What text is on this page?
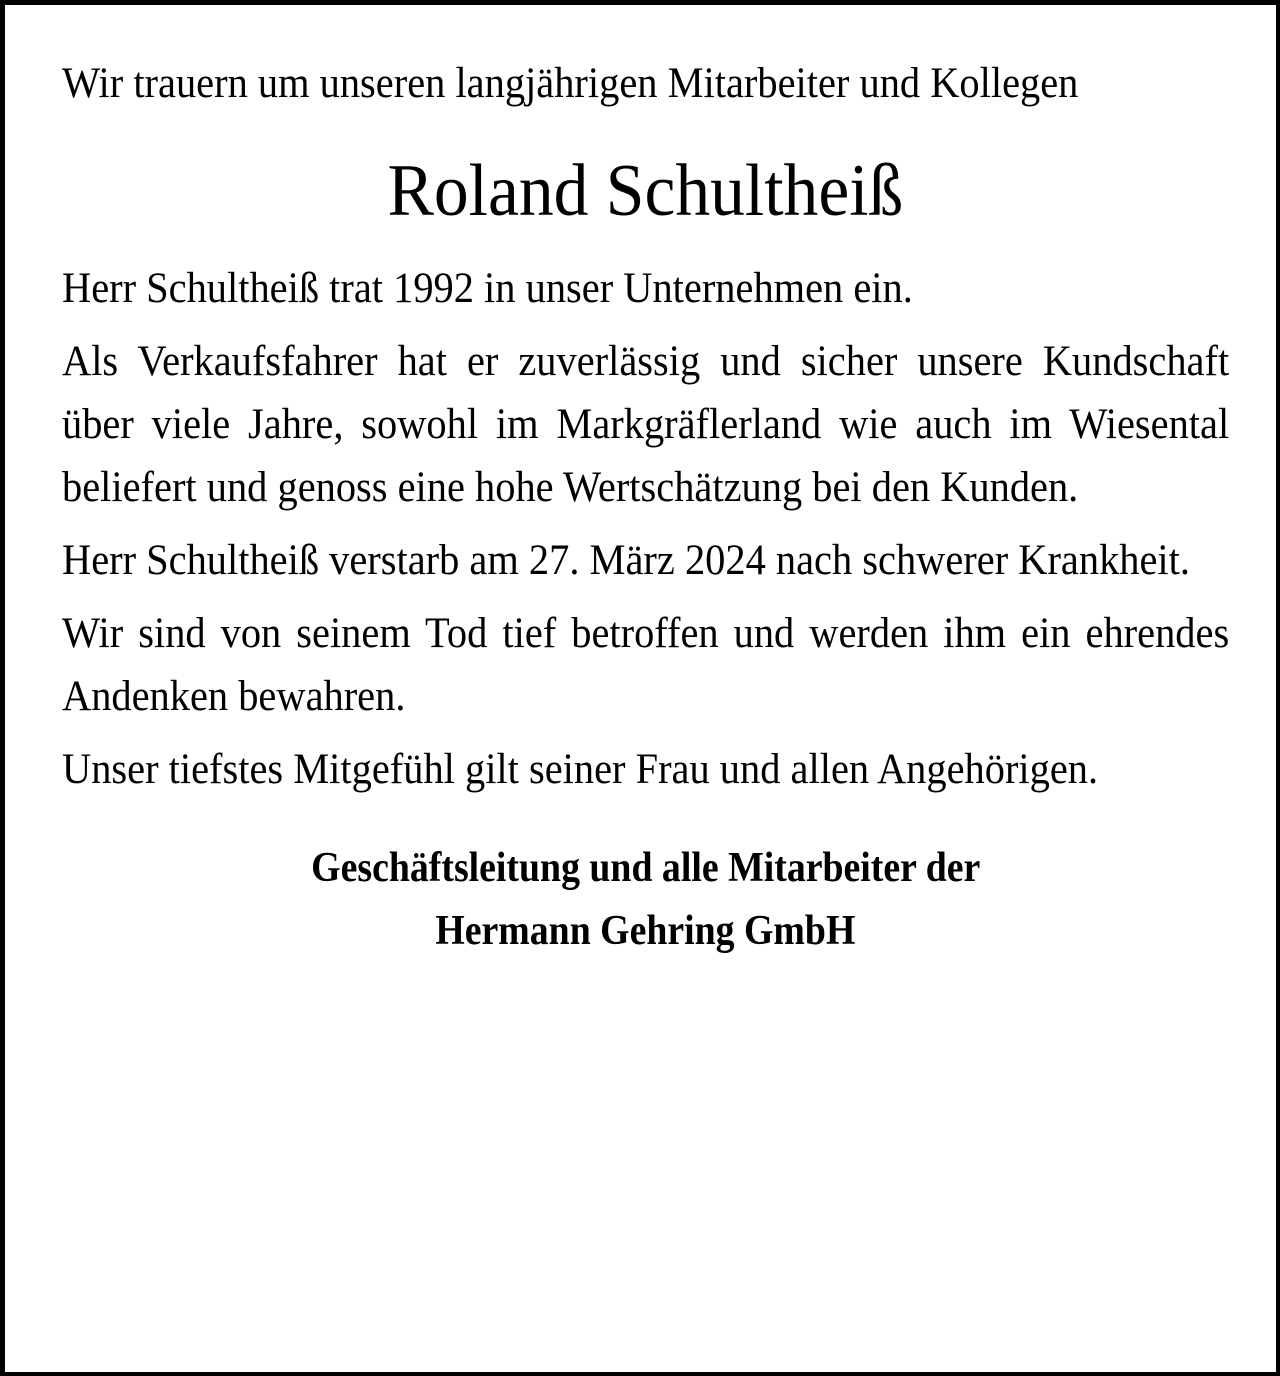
Wir trauern um unseren langjährigen Mitarbeiter und Kollegen

Roland Schultheiß

Herr Schultheiß trat 1992 in unser Unternehmen ein.

Als Verkaufsfahrer hat er zuverlässig und sicher unsere Kundschaft über viele Jahre, sowohl im Markgräflerland wie auch im Wiesental beliefert und genoss eine hohe Wertschätzung bei den Kunden.

Herr Schultheiß verstarb am 27. März 2024 nach schwerer Krankheit.

Wir sind von seinem Tod tief betroffen und werden ihm ein ehrendes Andenken bewahren.

Unser tiefstes Mitgefühl gilt seiner Frau und allen Angehörigen.

Geschäftsleitung und alle Mitarbeiter der
Hermann Gehring GmbH
